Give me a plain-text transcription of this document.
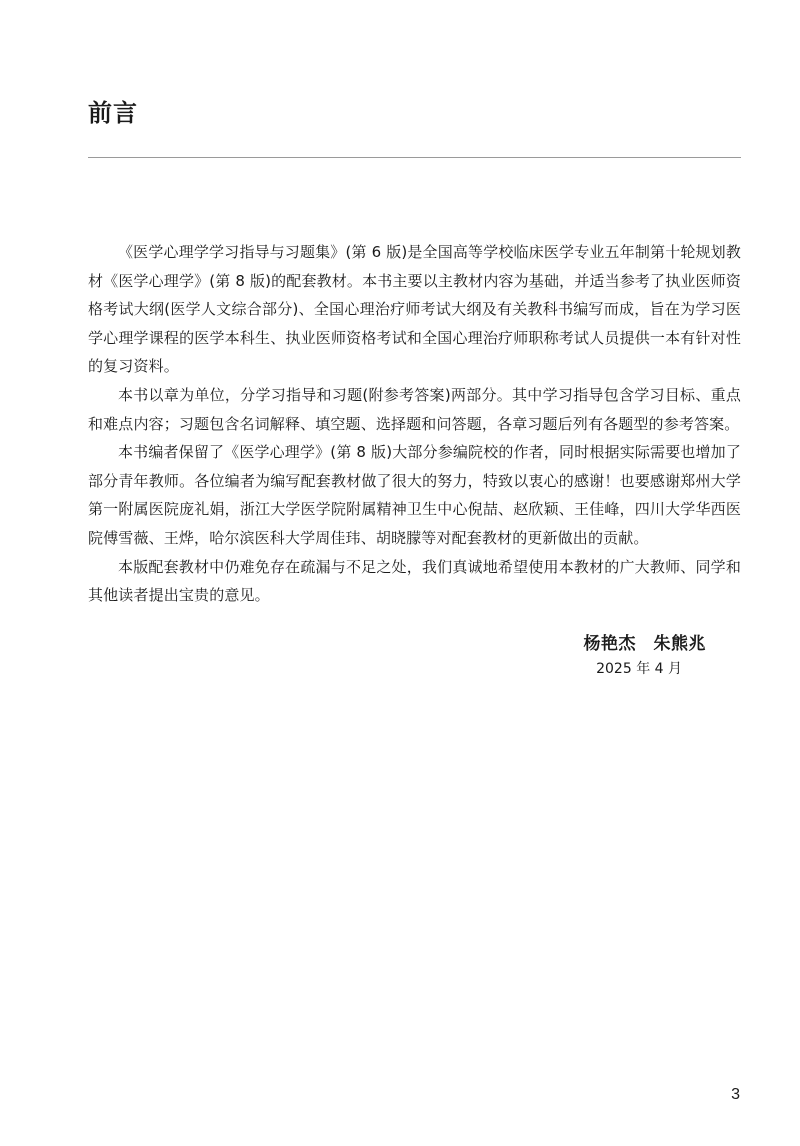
前言

《医学心理学学习指导与习题集》(第 6 版)是全国高等学校临床医学专业五年制第十轮规划教材《医学心理学》(第 8 版)的配套教材。本书主要以主教材内容为基础，并适当参考了执业医师资格考试大纲(医学人文综合部分)、全国心理治疗师考试大纲及有关教科书编写而成，旨在为学习医学心理学课程的医学本科生、执业医师资格考试和全国心理治疗师职称考试人员提供一本有针对性的复习资料。

本书以章为单位，分学习指导和习题(附参考答案)两部分。其中学习指导包含学习目标、重点和难点内容；习题包含名词解释、填空题、选择题和问答题，各章习题后列有各题型的参考答案。

本书编者保留了《医学心理学》(第 8 版)大部分参编院校的作者，同时根据实际需要也增加了部分青年教师。各位编者为编写配套教材做了很大的努力，特致以衷心的感谢！也要感谢郑州大学第一附属医院庞礼娟，浙江大学医学院附属精神卫生中心倪喆、赵欣颖、王佳峰，四川大学华西医院傅雪薇、王烨，哈尔滨医科大学周佳玮、胡晓朦等对配套教材的更新做出的贡献。

本版配套教材中仍难免存在疏漏与不足之处，我们真诚地希望使用本教材的广大教师、同学和其他读者提出宝贵的意见。

杨艳杰　朱熊兆
2025 年 4 月
3
